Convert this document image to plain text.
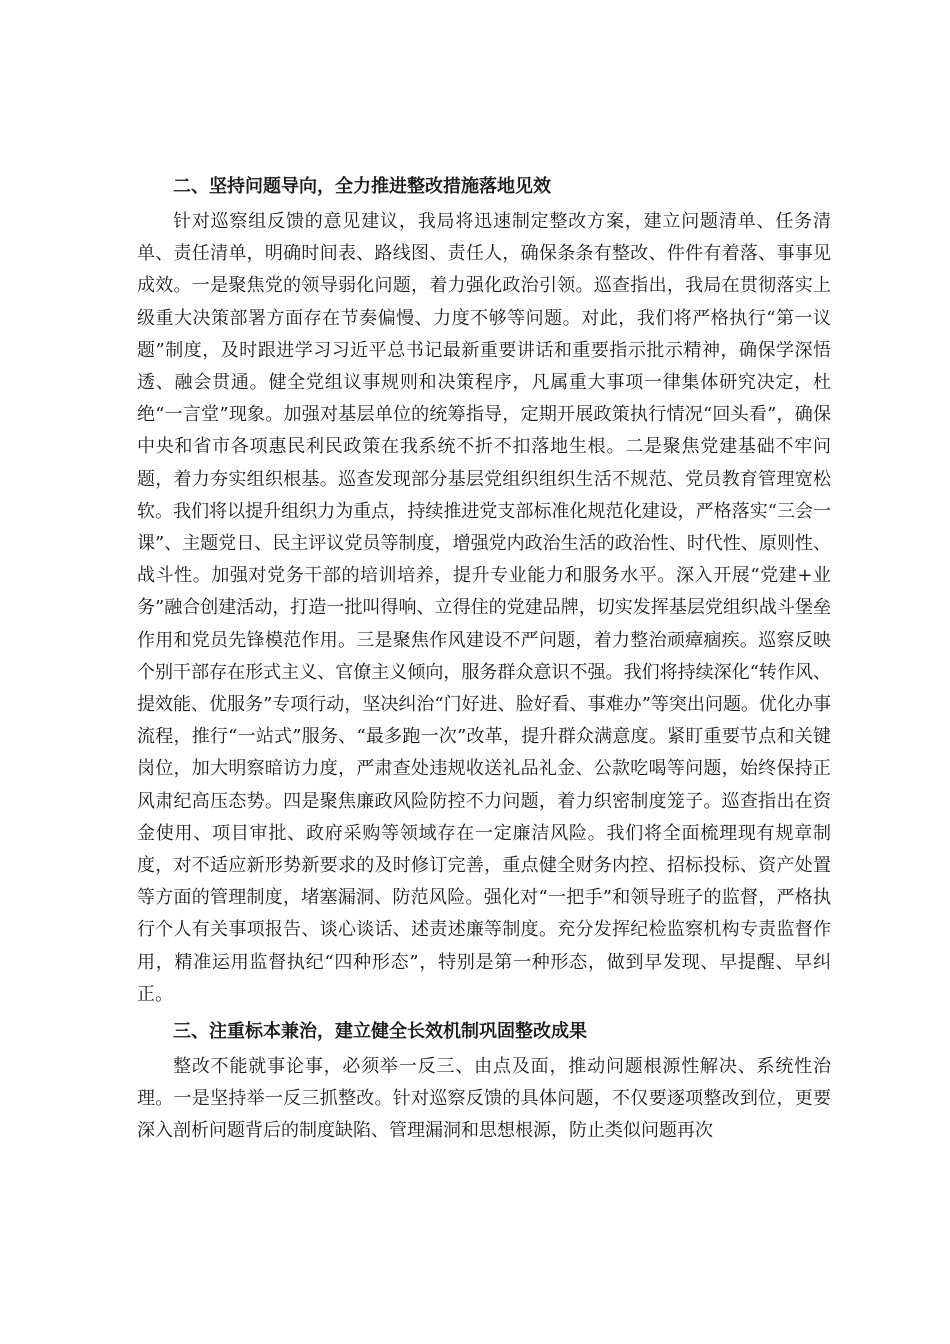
二、坚持问题导向，全力推进整改措施落地见效

针对巡察组反馈的意见建议，我局将迅速制定整改方案，建立问题清单、任务清单、责任清单，明确时间表、路线图、责任人，确保条条有整改、件件有着落、事事见成效。一是聚焦党的领导弱化问题，着力强化政治引领。巡查指出，我局在贯彻落实上级重大决策部署方面存在节奏偏慢、力度不够等问题。对此，我们将严格执行“第一议题”制度，及时跟进学习习近平总书记最新重要讲话和重要指示批示精神，确保学深悟透、融会贯通。健全党组议事规则和决策程序，凡属重大事项一律集体研究决定，杜绝“一言堂”现象。加强对基层单位的统筹指导，定期开展政策执行情况“回头看”，确保中央和省市各项惠民利民政策在我系统不折不扣落地生根。二是聚焦党建基础不牢问题，着力夯实组织根基。巡查发现部分基层党组织组织生活不规范、党员教育管理宽松软。我们将以提升组织力为重点，持续推进党支部标准化规范化建设，严格落实“三会一课”、主题党日、民主评议党员等制度，增强党内政治生活的政治性、时代性、原则性、战斗性。加强对党务干部的培训培养，提升专业能力和服务水平。深入开展“党建+业务”融合创建活动，打造一批叫得响、立得住的党建品牌，切实发挥基层党组织战斗堡垒作用和党员先锋模范作用。三是聚焦作风建设不严问题，着力整治顽瘴痼疾。巡察反映个别干部存在形式主义、官僚主义倾向，服务群众意识不强。我们将持续深化“转作风、提效能、优服务”专项行动，坚决纠治“门好进、脸好看、事难办”等突出问题。优化办事流程，推行“一站式”服务、“最多跑一次”改革，提升群众满意度。紧盯重要节点和关键岗位，加大明察暗访力度，严肃查处违规收送礼品礼金、公款吃喝等问题，始终保持正风肃纪高压态势。四是聚焦廉政风险防控不力问题，着力织密制度笼子。巡查指出在资金使用、项目审批、政府采购等领域存在一定廉洁风险。我们将全面梳理现有规章制度，对不适应新形势新要求的及时修订完善，重点健全财务内控、招标投标、资产处置等方面的管理制度，堵塞漏洞、防范风险。强化对“一把手”和领导班子的监督，严格执行个人有关事项报告、谈心谈话、述责述廉等制度。充分发挥纪检监察机构专责监督作用，精准运用监督执纪“四种形态”，特别是第一种形态，做到早发现、早提醒、早纠正。

三、注重标本兼治，建立健全长效机制巩固整改成果

整改不能就事论事，必须举一反三、由点及面，推动问题根源性解决、系统性治理。一是坚持举一反三抓整改。针对巡察反馈的具体问题，不仅要逐项整改到位，更要深入剖析问题背后的制度缺陷、管理漏洞和思想根源，防止类似问题再次
